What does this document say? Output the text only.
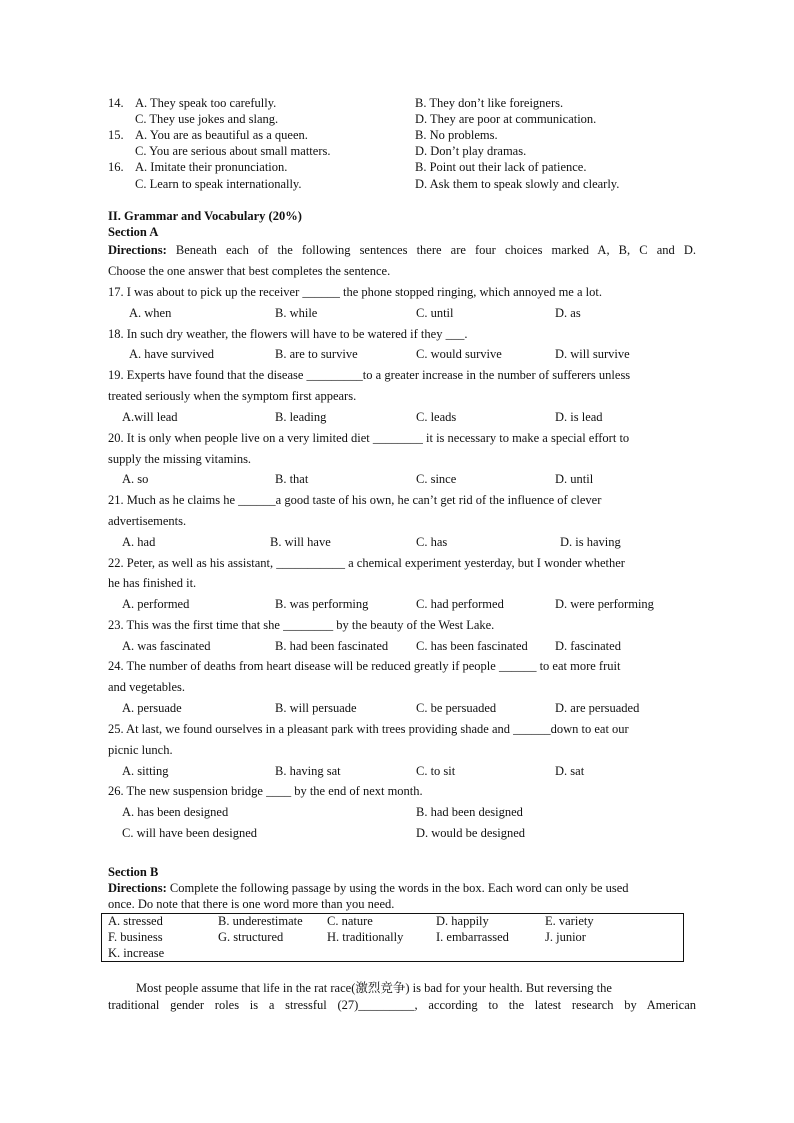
14. A. They speak too carefully.	B. They don’t like foreigners.
C. They use jokes and slang.	D. They are poor at communication.
15. A. You are as beautiful as a queen.	B. No problems.
C. You are serious about small matters.	D. Don’t play dramas.
16. A. Imitate their pronunciation.	B. Point out their lack of patience.
C. Learn to speak internationally.	D. Ask them to speak slowly and clearly.
II. Grammar and Vocabulary (20%)
Section A
Directions: Beneath each of the following sentences there are four choices marked A, B, C and D.
Choose the one answer that best completes the sentence.
17. I was about to pick up the receiver ______ the phone stopped ringing, which annoyed me a lot.
A. when	B. while	C. until	D. as
18. In such dry weather, the flowers will have to be watered if they ___.
A. have survived	B. are to survive	C. would survive	D. will survive
19. Experts have found that the disease _________to a greater increase in the number of sufferers unless
treated seriously when the symptom first appears.
A.will lead	B. leading	C. leads	D. is lead
20. It is only when people live on a very limited diet ________ it is necessary to make a special effort to
supply the missing vitamins.
A. so	B. that	C. since	D. until
21. Much as he claims he ______a good taste of his own, he can’t get rid of the influence of clever
advertisements.
A. had	B. will have	C. has	D. is having
22. Peter, as well as his assistant, ___________ a chemical experiment yesterday, but I wonder whether
he has finished it.
A. performed	B. was performing	C. had performed	D. were performing
23. This was the first time that she ________ by the beauty of the West Lake.
A. was fascinated	B. had been fascinated C. has been fascinated D. fascinated
24. The number of deaths from heart disease will be reduced greatly if people ______ to eat more fruit
and vegetables.
A. persuade	B. will persuade	C. be persuaded	D. are persuaded
25. At last, we found ourselves in a pleasant park with trees providing shade and ______down to eat our
picnic lunch.
A. sitting	B. having sat	C. to sit	D. sat
26. The new suspension bridge ____ by the end of next month.
A. has been designed	B. had been designed
C. will have been designed	D. would be designed
Section B
Directions: Complete the following passage by using the words in the box. Each word can only be used
once. Do note that there is one word more than you need.
A. stressed	B. underestimate C. nature	D. happily	E. variety
F. business	G. structured	H. traditionally	I. embarrassed	J. junior
K. increase
Most people assume that life in the rat race(激烈竞争) is bad for your health. But reversing the
traditional gender roles is a stressful (27)_________, according to the latest research by American
